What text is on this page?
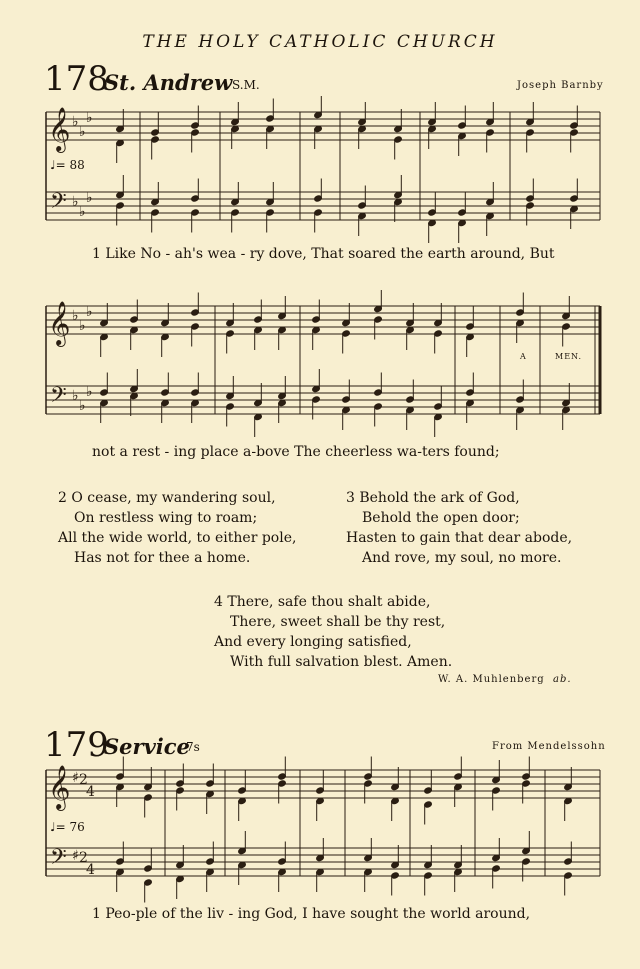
THE HOLY CATHOLIC CHURCH
178
St. Andrew S.M.	Joseph Barnby
𝄞
𝄢
♭
♭
♭
♭
♭
♭
♩= 88
1 Like No - ah's wea - ry dove, That soared the earth around, But
𝄞
𝄢
♭
♭
♭
♭
♭
♭
A	MEN.
not a rest - ing place a-bove The cheerless wa-ters found;
2 O cease, my wandering soul,
On restless wing to roam;
All the wide world, to either pole,
Has not for thee a home.
3 Behold the ark of God,
Behold the open door;
Hasten to gain that dear abode,
And rove, my soul, no more.
4 There, safe thou shalt abide,
There, sweet shall be thy rest,
And every longing satisfied,
With full salvation blest. Amen.
W. A. Muhlenberg ab.
179
Service
7s	From Mendelssohn
𝄞
𝄢
♯ 2
4
♯ 2
4
♩= 76
1 Peo-ple of the liv - ing God, I have sought the world around,
